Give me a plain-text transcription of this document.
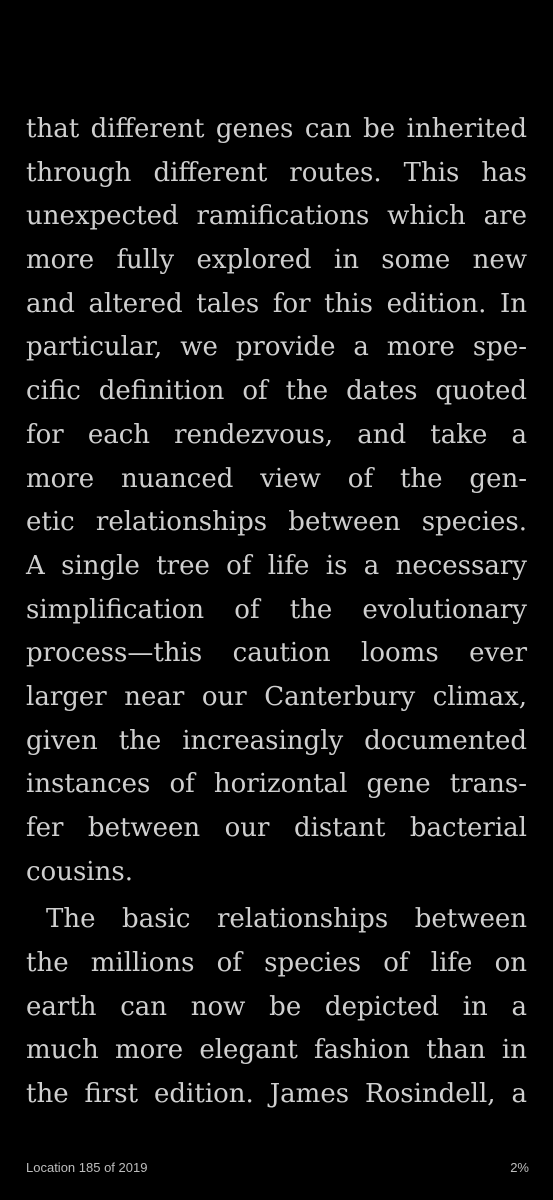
that different genes can be inherited
through different routes. This has
unexpected ramifications which are
more fully explored in some new
and altered tales for this edition. In
particular, we provide a more spe-
cific definition of the dates quoted
for each rendezvous, and take a
more nuanced view of the gen-
etic relationships between species.
A single tree of life is a necessary
simplification of the evolutionary
process—this caution looms ever
larger near our Canterbury climax,
given the increasingly documented
instances of horizontal gene trans-
fer between our distant bacterial
cousins.
The basic relationships between
the millions of species of life on
earth can now be depicted in a
much more elegant fashion than in
the first edition. James Rosindell, a
Location 185 of 2019	2%
